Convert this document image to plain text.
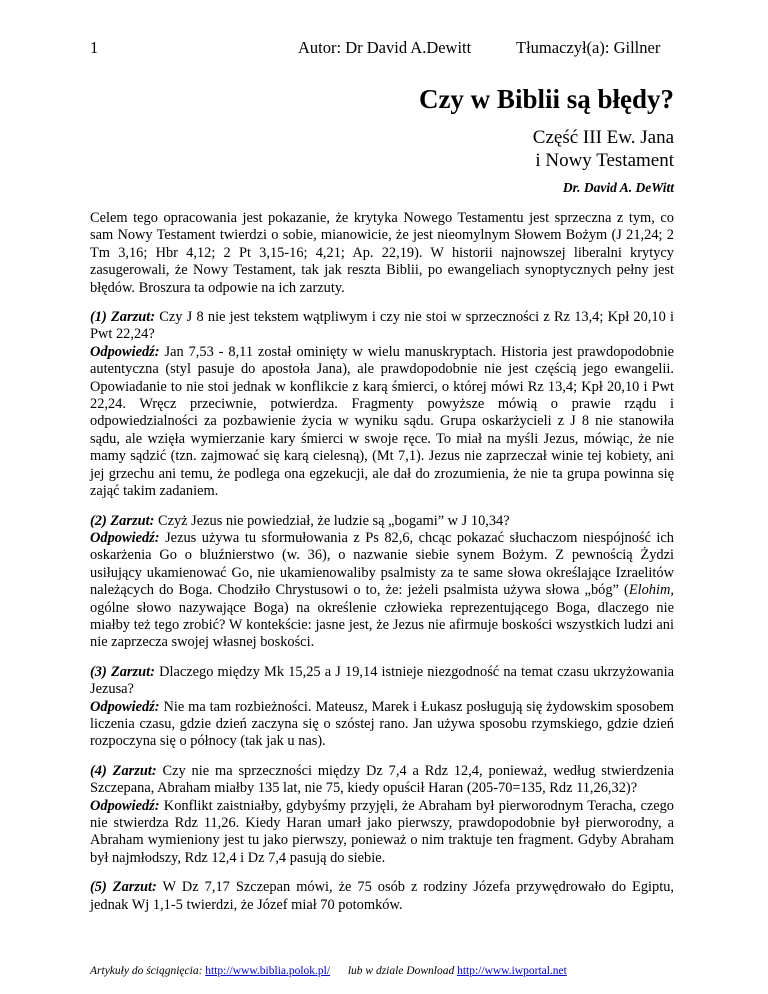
1	Autor: Dr David A.Dewitt	Tłumaczył(a): Gillner
Czy w Biblii są błędy?
Część III Ew. Jana
i Nowy Testament
Dr. David A. DeWitt

Celem tego opracowania jest pokazanie, że krytyka Nowego Testamentu jest sprzeczna z tym, co sam Nowy Testament twierdzi o sobie, mianowicie, że jest nieomylnym Słowem Bożym (J 21,24; 2 Tm 3,16; Hbr 4,12; 2 Pt 3,15-16; 4,21; Ap. 22,19). W historii najnowszej liberalni krytycy zasugerowali, że Nowy Testament, tak jak reszta Biblii, po ewangeliach synoptycznych pełny jest błędów. Broszura ta odpowie na ich zarzuty.

(1) Zarzut: Czy J 8 nie jest tekstem wątpliwym i czy nie stoi w sprzeczności z Rz 13,4; Kpł 20,10 i Pwt 22,24?
Odpowiedź: Jan 7,53 - 8,11 został ominięty w wielu manuskryptach. Historia jest prawdopodobnie autentyczna (styl pasuje do apostoła Jana), ale prawdopodobnie nie jest częścią jego ewangelii. Opowiadanie to nie stoi jednak w konflikcie z karą śmierci, o której mówi Rz 13,4; Kpł 20,10 i Pwt 22,24. Wręcz przeciwnie, potwierdza. Fragmenty powyższe mówią o prawie rządu i odpowiedzialności za pozbawienie życia w wyniku sądu. Grupa oskarżycieli z J 8 nie stanowiła sądu, ale wzięła wymierzanie kary śmierci w swoje ręce. To miał na myśli Jezus, mówiąc, że nie mamy sądzić (tzn. zajmować się karą cielesną), (Mt 7,1). Jezus nie zaprzeczał winie tej kobiety, ani jej grzechu ani temu, że podlega ona egzekucji, ale dał do zrozumienia, że nie ta grupa powinna się zająć takim zadaniem.

(2) Zarzut: Czyż Jezus nie powiedział, że ludzie są „bogami” w J 10,34?
Odpowiedź: Jezus używa tu sformułowania z Ps 82,6, chcąc pokazać słuchaczom niespójność ich oskarżenia Go o bluźnierstwo (w. 36), o nazwanie siebie synem Bożym. Z pewnością Żydzi usiłujący ukamienować Go, nie ukamienowaliby psalmisty za te same słowa określające Izraelitów należących do Boga. Chodziło Chrystusowi o to, że: jeżeli psalmista używa słowa „bóg” (Elohim, ogólne słowo nazywające Boga) na określenie człowieka reprezentującego Boga, dlaczego nie miałby też tego zrobić? W kontekście: jasne jest, że Jezus nie afirmuje boskości wszystkich ludzi ani nie zaprzecza swojej własnej boskości.

(3) Zarzut: Dlaczego między Mk 15,25 a J 19,14 istnieje niezgodność na temat czasu ukrzyżowania Jezusa?
Odpowiedź: Nie ma tam rozbieżności. Mateusz, Marek i Łukasz posługują się żydowskim sposobem liczenia czasu, gdzie dzień zaczyna się o szóstej rano. Jan używa sposobu rzymskiego, gdzie dzień rozpoczyna się o północy (tak jak u nas).

(4) Zarzut: Czy nie ma sprzeczności między Dz 7,4 a Rdz 12,4, ponieważ, według stwierdzenia Szczepana, Abraham miałby 135 lat, nie 75, kiedy opuścił Haran (205-70=135, Rdz 11,26,32)?
Odpowiedź: Konflikt zaistniałby, gdybyśmy przyjęli, że Abraham był pierworodnym Teracha, czego nie stwierdza Rdz 11,26. Kiedy Haran umarł jako pierwszy, prawdopodobnie był pierworodny, a Abraham wymieniony jest tu jako pierwszy, ponieważ o nim traktuje ten fragment. Gdyby Abraham był najmłodszy, Rdz 12,4 i Dz 7,4 pasują do siebie.

(5) Zarzut: W Dz 7,17 Szczepan mówi, że 75 osób z rodziny Józefa przywędrowało do Egiptu, jednak Wj 1,1-5 twierdzi, że Józef miał 70 potomków.

Artykuły do ściągnięcia: http://www.biblia.polok.pl/ lub w dziale Download http://www.iwportal.net
